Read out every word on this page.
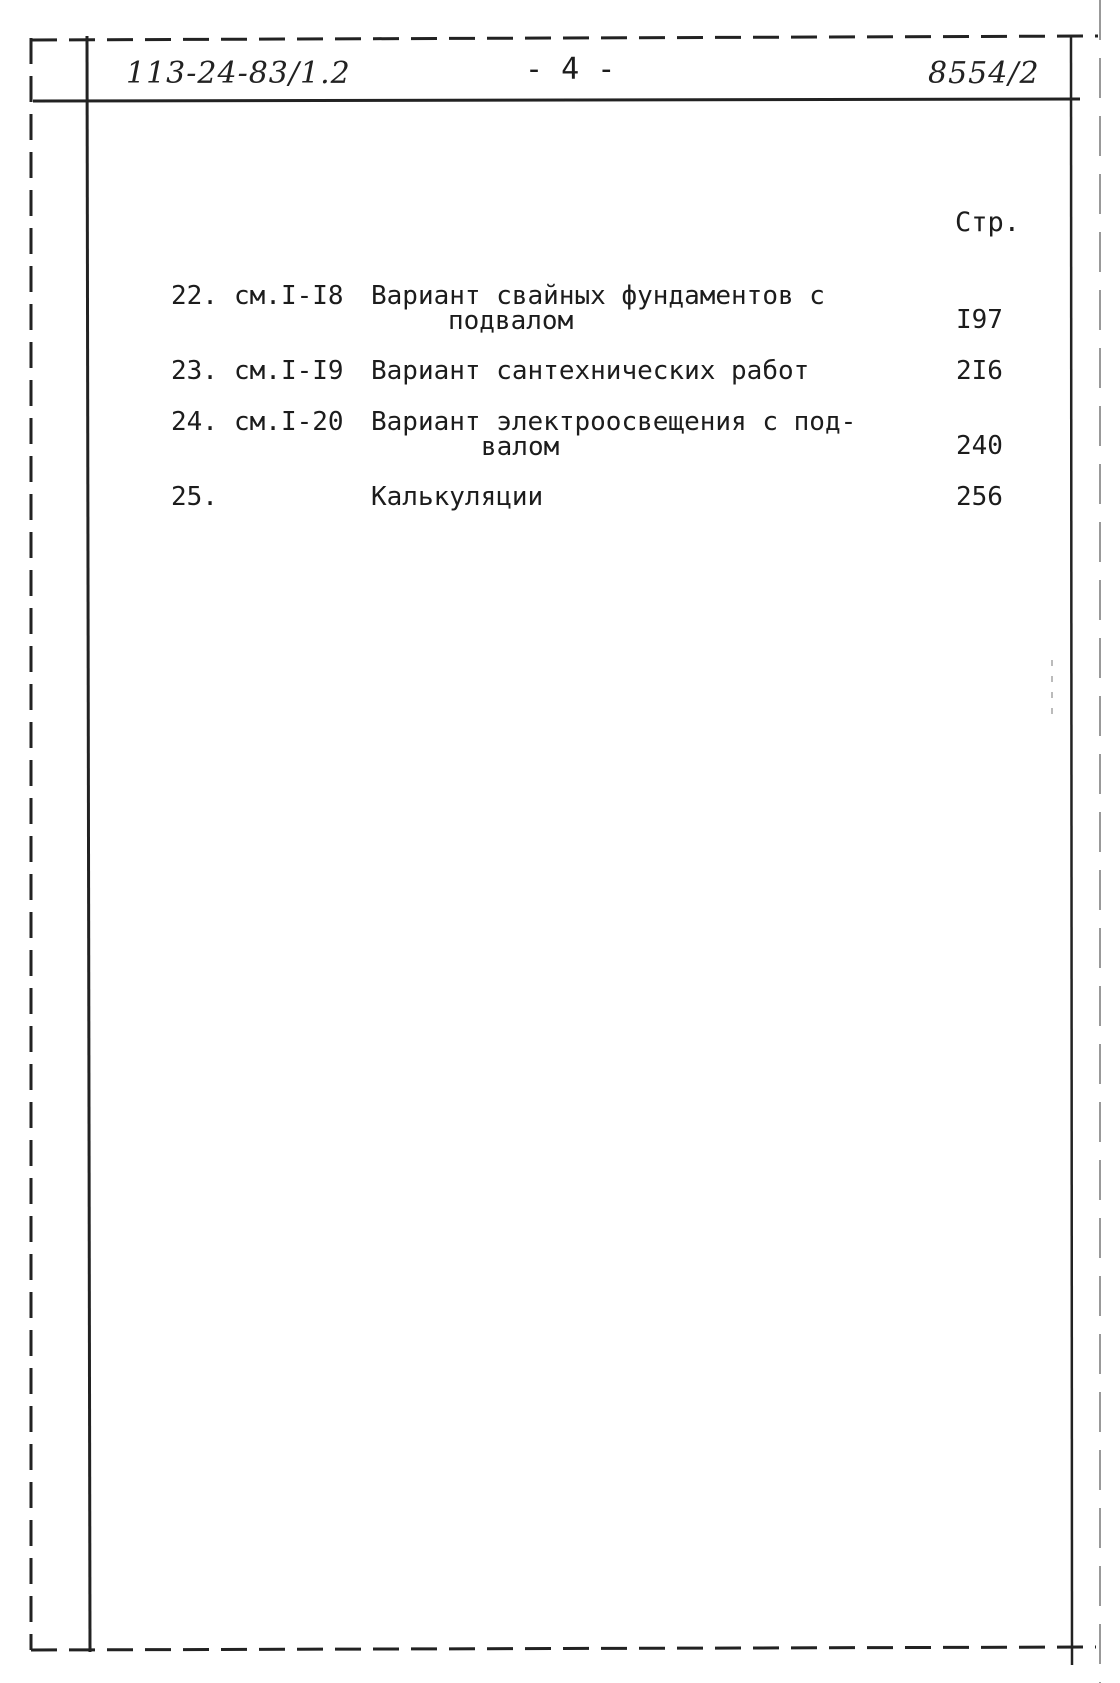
113-24-83/1.2	- 4 -	8554/2
Стр.
22. см.I-I8 Вариант свайных фундаментов с
подвалом	I97
23. см.I-I9 Вариант сантехнических работ	2I6
24. см.I-20 Вариант электроосвещения с под-
валом	240
25.	Калькуляции	256
